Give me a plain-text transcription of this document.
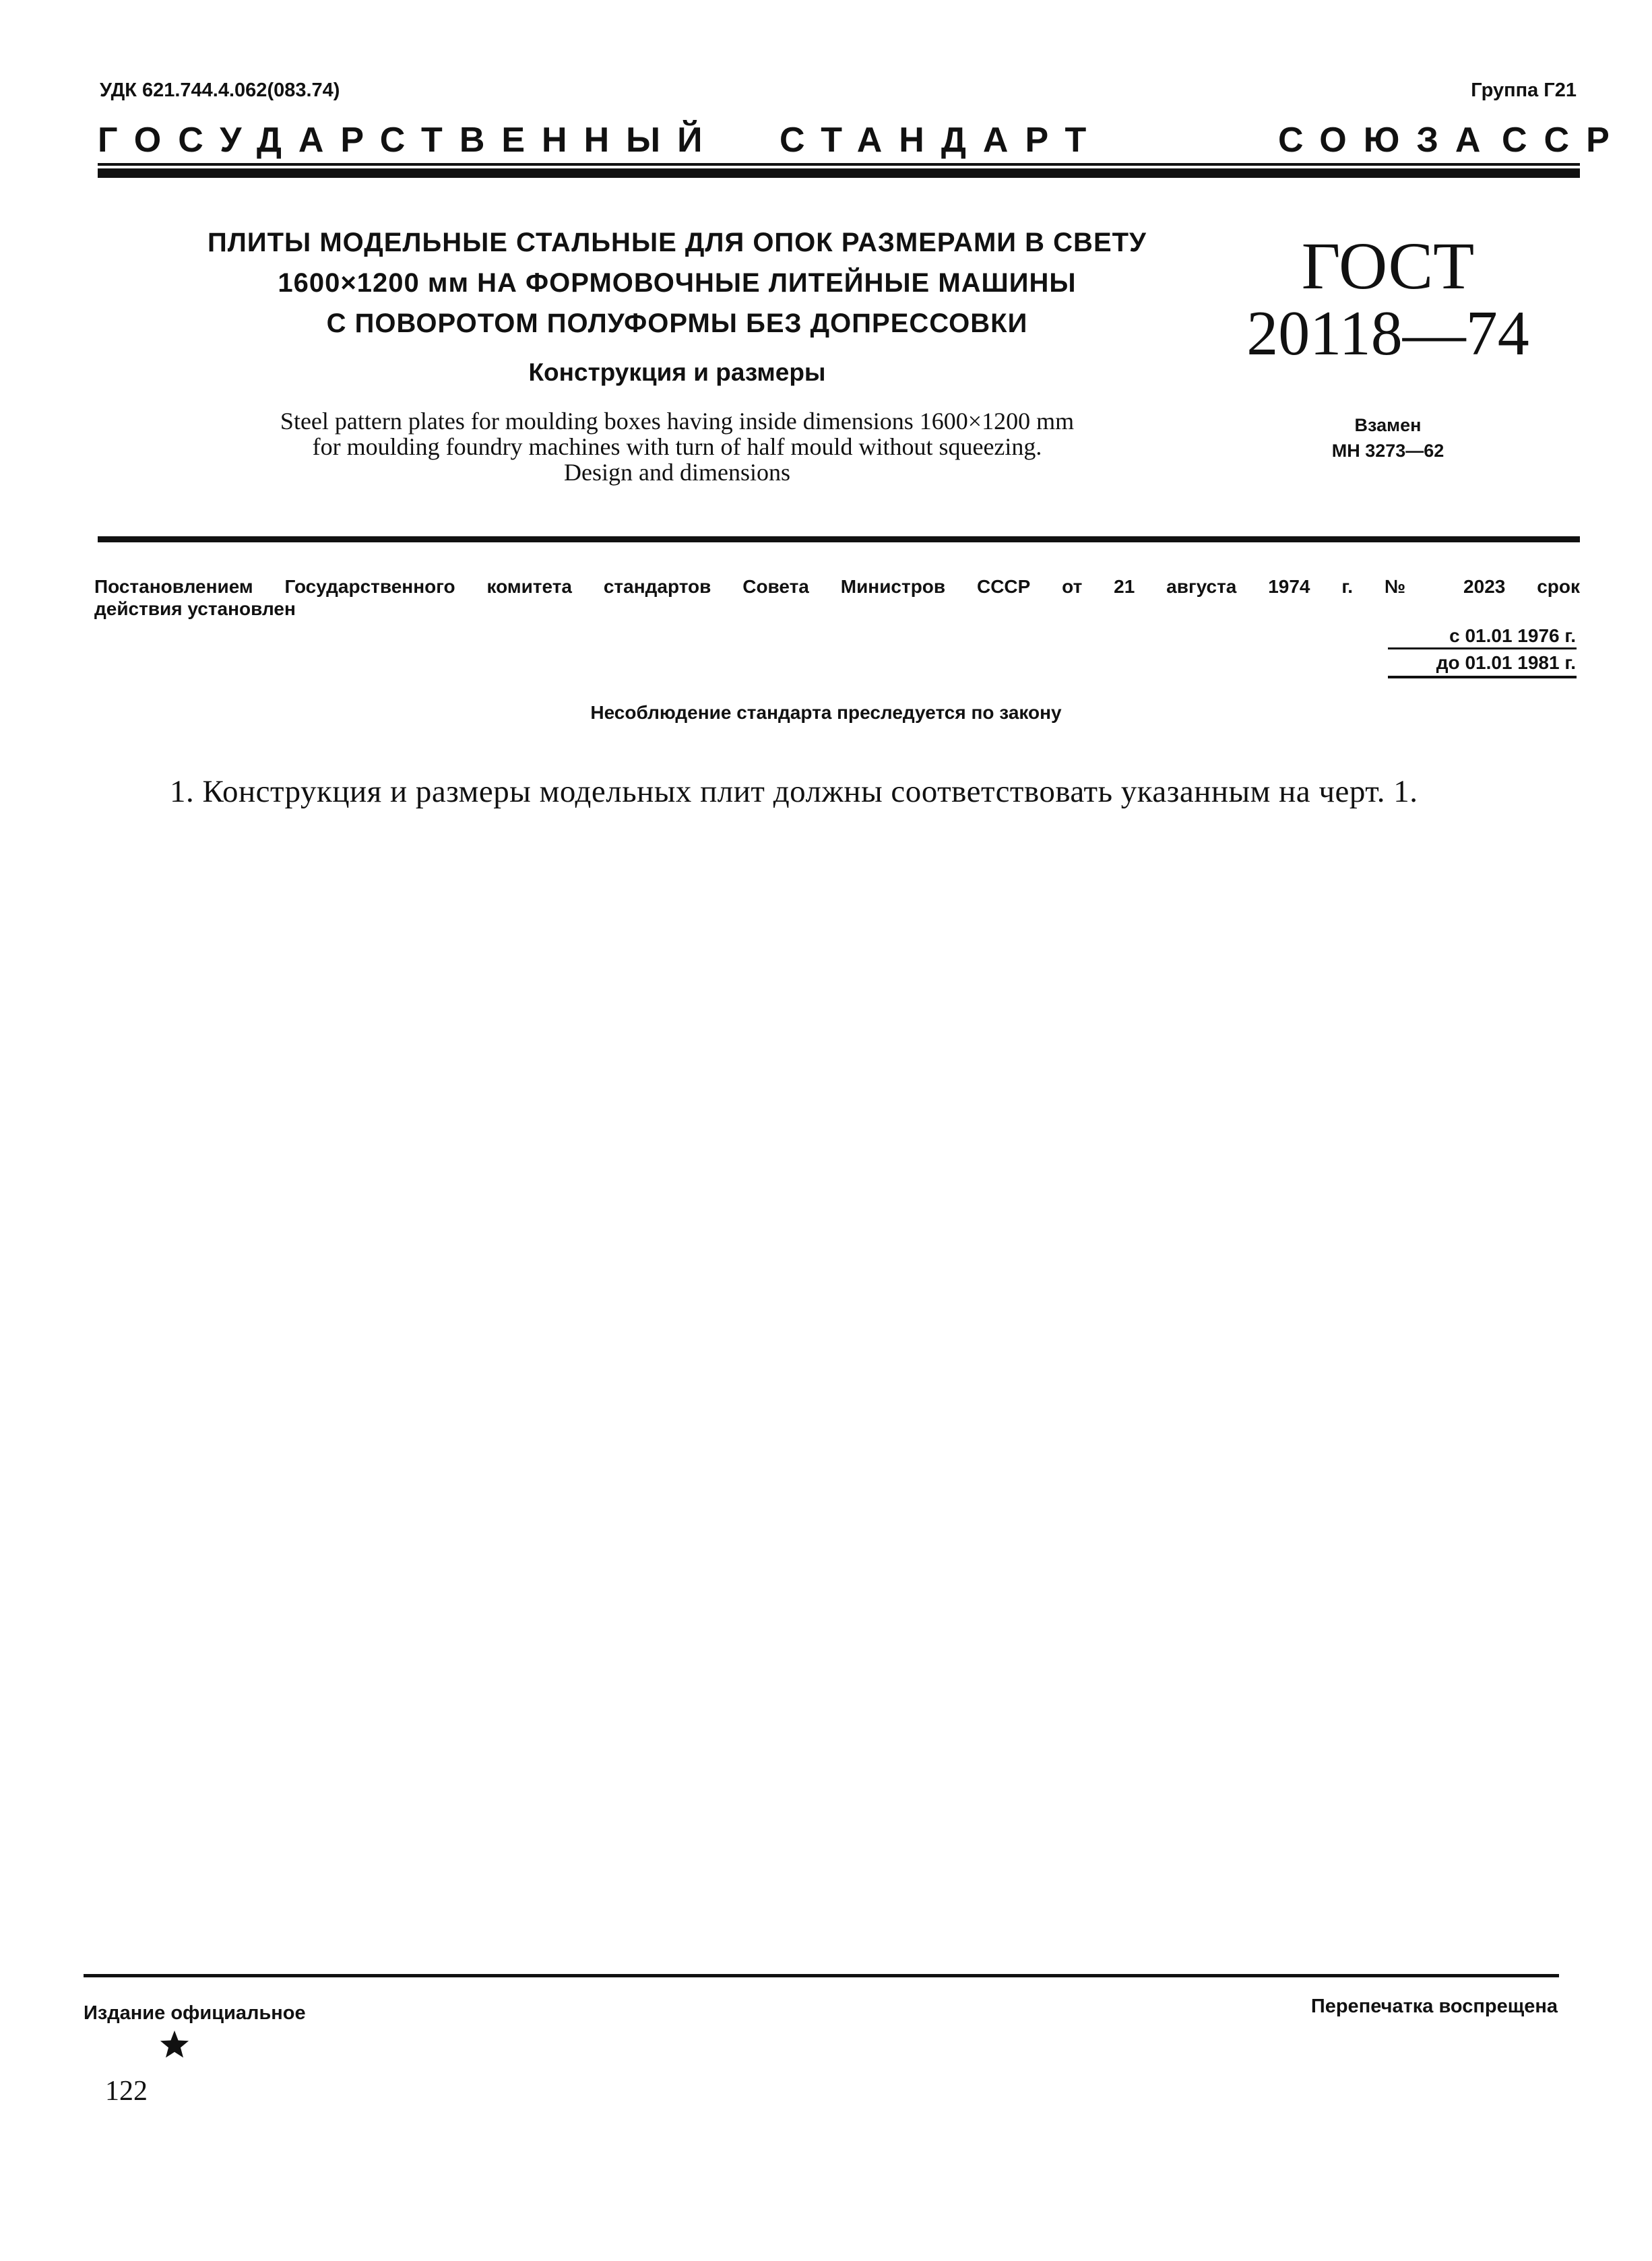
УДК 621.744.4.062(083.74)	Группа Г21
ГОСУДАРСТВЕННЫЙ СТАНДАРТ	СОЮЗА ССР
ПЛИТЫ МОДЕЛЬНЫЕ СТАЛЬНЫЕ ДЛЯ ОПОК РАЗМЕРАМИ В СВЕТУ
1600×1200 мм НА ФОРМОВОЧНЫЕ ЛИТЕЙНЫЕ МАШИНЫ
С ПОВОРОТОМ ПОЛУФОРМЫ БЕЗ ДОПРЕССОВКИ
Конструкция и размеры
Steel pattern plates for moulding boxes having inside dimensions 1600×1200 mm
for moulding foundry machines with turn of half mould without squeezing.
Design and dimensions
ГОСТ
20118—74
Взамен
МН 3273—62
Постановлением Государственного комитета стандартов Совета Министров СССР от 21 августа 1974 г. № 2023 срок
действия установлен
с 01.01 1976 г.
до 01.01 1981 г.
Несоблюдение стандарта преследуется по закону
1. Конструкция и размеры модельных плит должны соответствовать указанным на черт. 1.
Издание официальное	Перепечатка воспрещена
122
